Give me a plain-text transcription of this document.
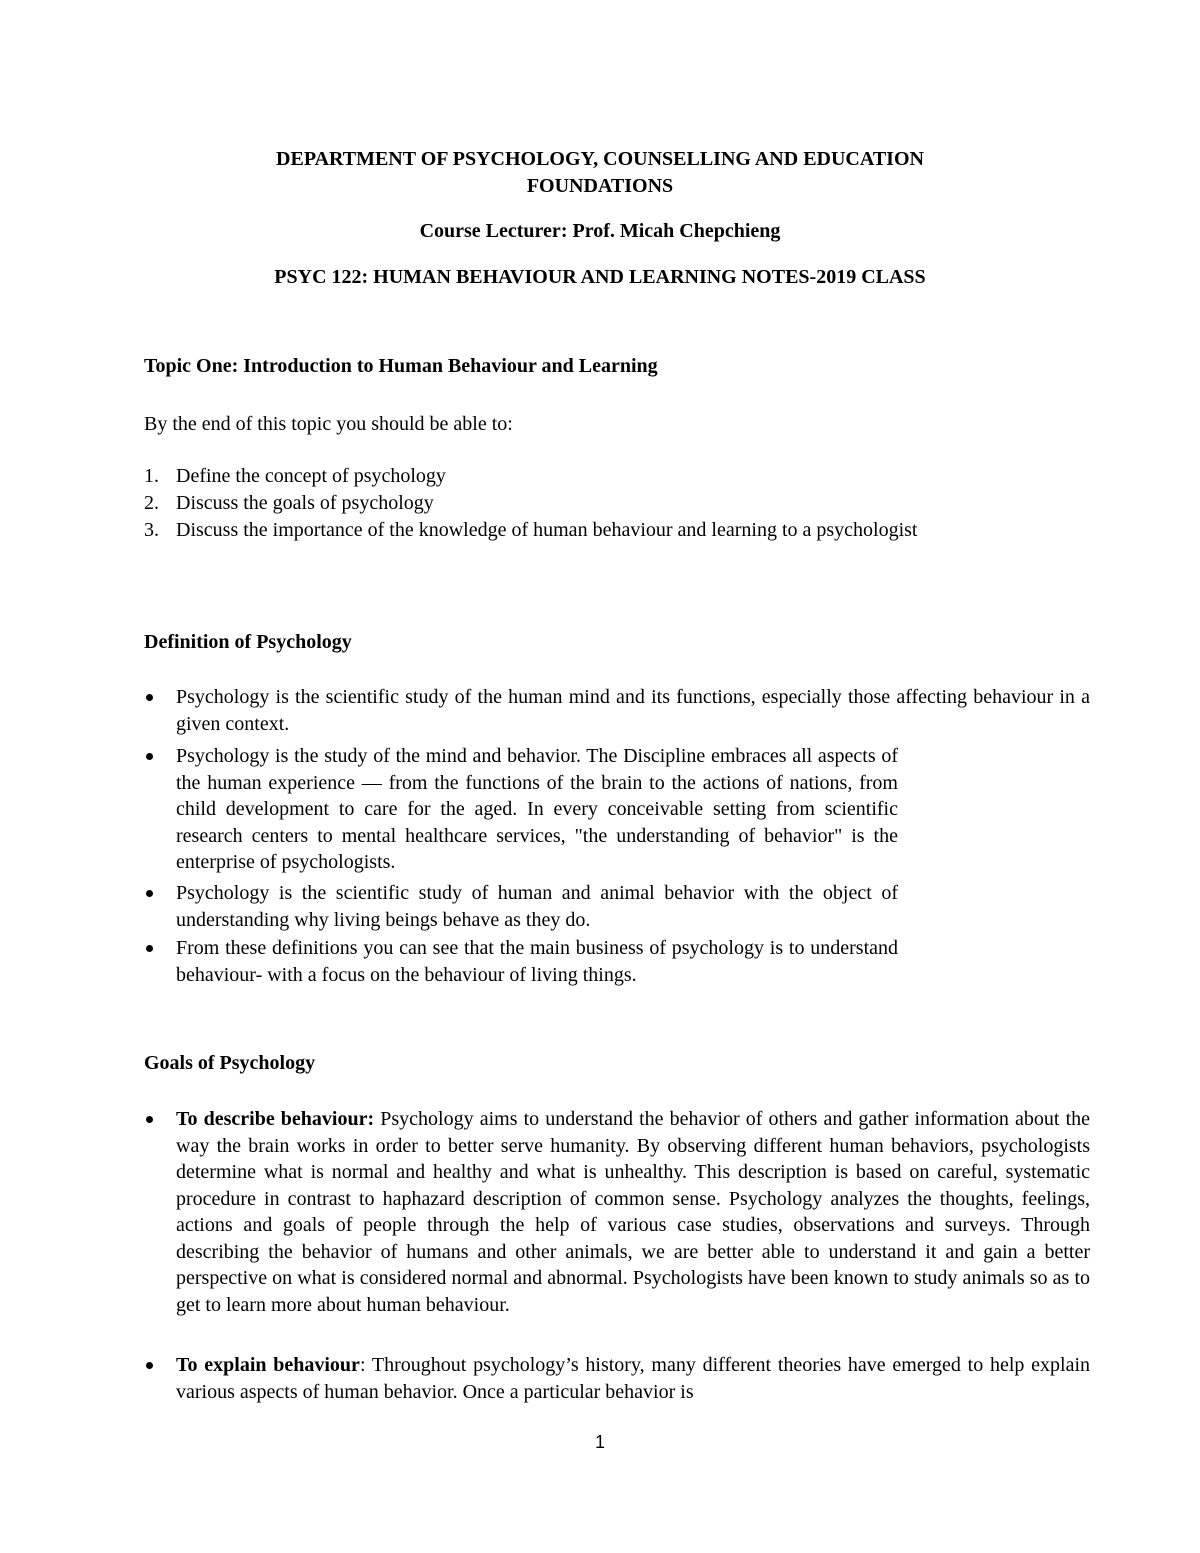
DEPARTMENT OF PSYCHOLOGY, COUNSELLING AND EDUCATION
FOUNDATIONS
Course Lecturer: Prof. Micah Chepchieng
PSYC 122: HUMAN BEHAVIOUR AND LEARNING NOTES-2019 CLASS
Topic One: Introduction to Human Behaviour and Learning
By the end of this topic you should be able to:
1. Define the concept of psychology
2. Discuss the goals of psychology
3. Discuss the importance of the knowledge of human behaviour and learning to a psychologist
Definition of Psychology
Psychology is the scientific study of the human mind and its functions, especially those affecting behaviour in a given context.
Psychology is the study of the mind and behavior. The Discipline embraces all aspects of the human experience — from the functions of the brain to the actions of nations, from child development to care for the aged. In every conceivable setting from scientific research centers to mental healthcare services, "the understanding of behavior" is the enterprise of psychologists.
Psychology is the scientific study of human and animal behavior with the object of understanding why living beings behave as they do.
From these definitions you can see that the main business of psychology is to understand behaviour- with a focus on the behaviour of living things.
Goals of Psychology
To describe behaviour: Psychology aims to understand the behavior of others and gather information about the way the brain works in order to better serve humanity. By observing different human behaviors, psychologists determine what is normal and healthy and what is unhealthy. This description is based on careful, systematic procedure in contrast to haphazard description of common sense. Psychology analyzes the thoughts, feelings, actions and goals of people through the help of various case studies, observations and surveys. Through describing the behavior of humans and other animals, we are better able to understand it and gain a better perspective on what is considered normal and abnormal. Psychologists have been known to study animals so as to get to learn more about human behaviour.
To explain behaviour: Throughout psychology’s history, many different theories have emerged to help explain various aspects of human behavior. Once a particular behavior is
1
